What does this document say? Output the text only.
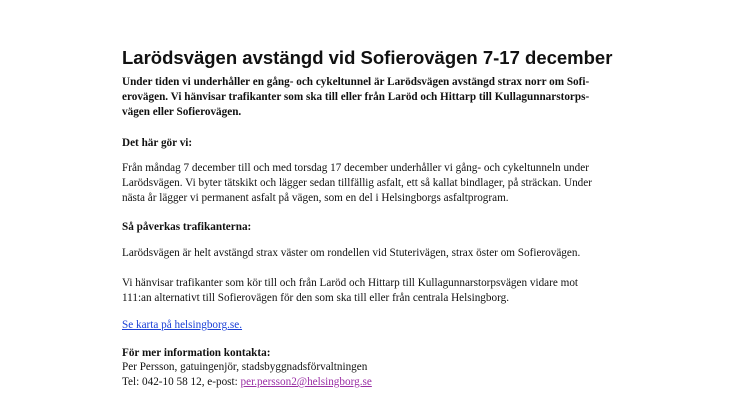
Larödsvägen avstängd vid Sofierovägen 7-17 december

Under tiden vi underhåller en gång- och cykeltunnel är Larödsvägen avstängd strax norr om Sofi-
erovägen. Vi hänvisar trafikanter som ska till eller från Laröd och Hittarp till Kullagunnarstorps-
vägen eller Sofierovägen.

Det här gör vi:

Från måndag 7 december till och med torsdag 17 december underhåller vi gång- och cykeltunneln under
Larödsvägen. Vi byter tätskikt och lägger sedan tillfällig asfalt, ett så kallat bindlager, på sträckan. Under
nästa år lägger vi permanent asfalt på vägen, som en del i Helsingborgs asfaltprogram.

Så påverkas trafikanterna:

Larödsvägen är helt avstängd strax väster om rondellen vid Stuterivägen, strax öster om Sofierovägen.

Vi hänvisar trafikanter som kör till och från Laröd och Hittarp till Kullagunnarstorpsvägen vidare mot
111:an alternativt till Sofierovägen för den som ska till eller från centrala Helsingborg.

Se karta på helsingborg.se.

För mer information kontakta:

Per Persson, gatuingenjör, stadsbyggnadsförvaltningen
Tel: 042-10 58 12, e-post: per.persson2@helsingborg.se
